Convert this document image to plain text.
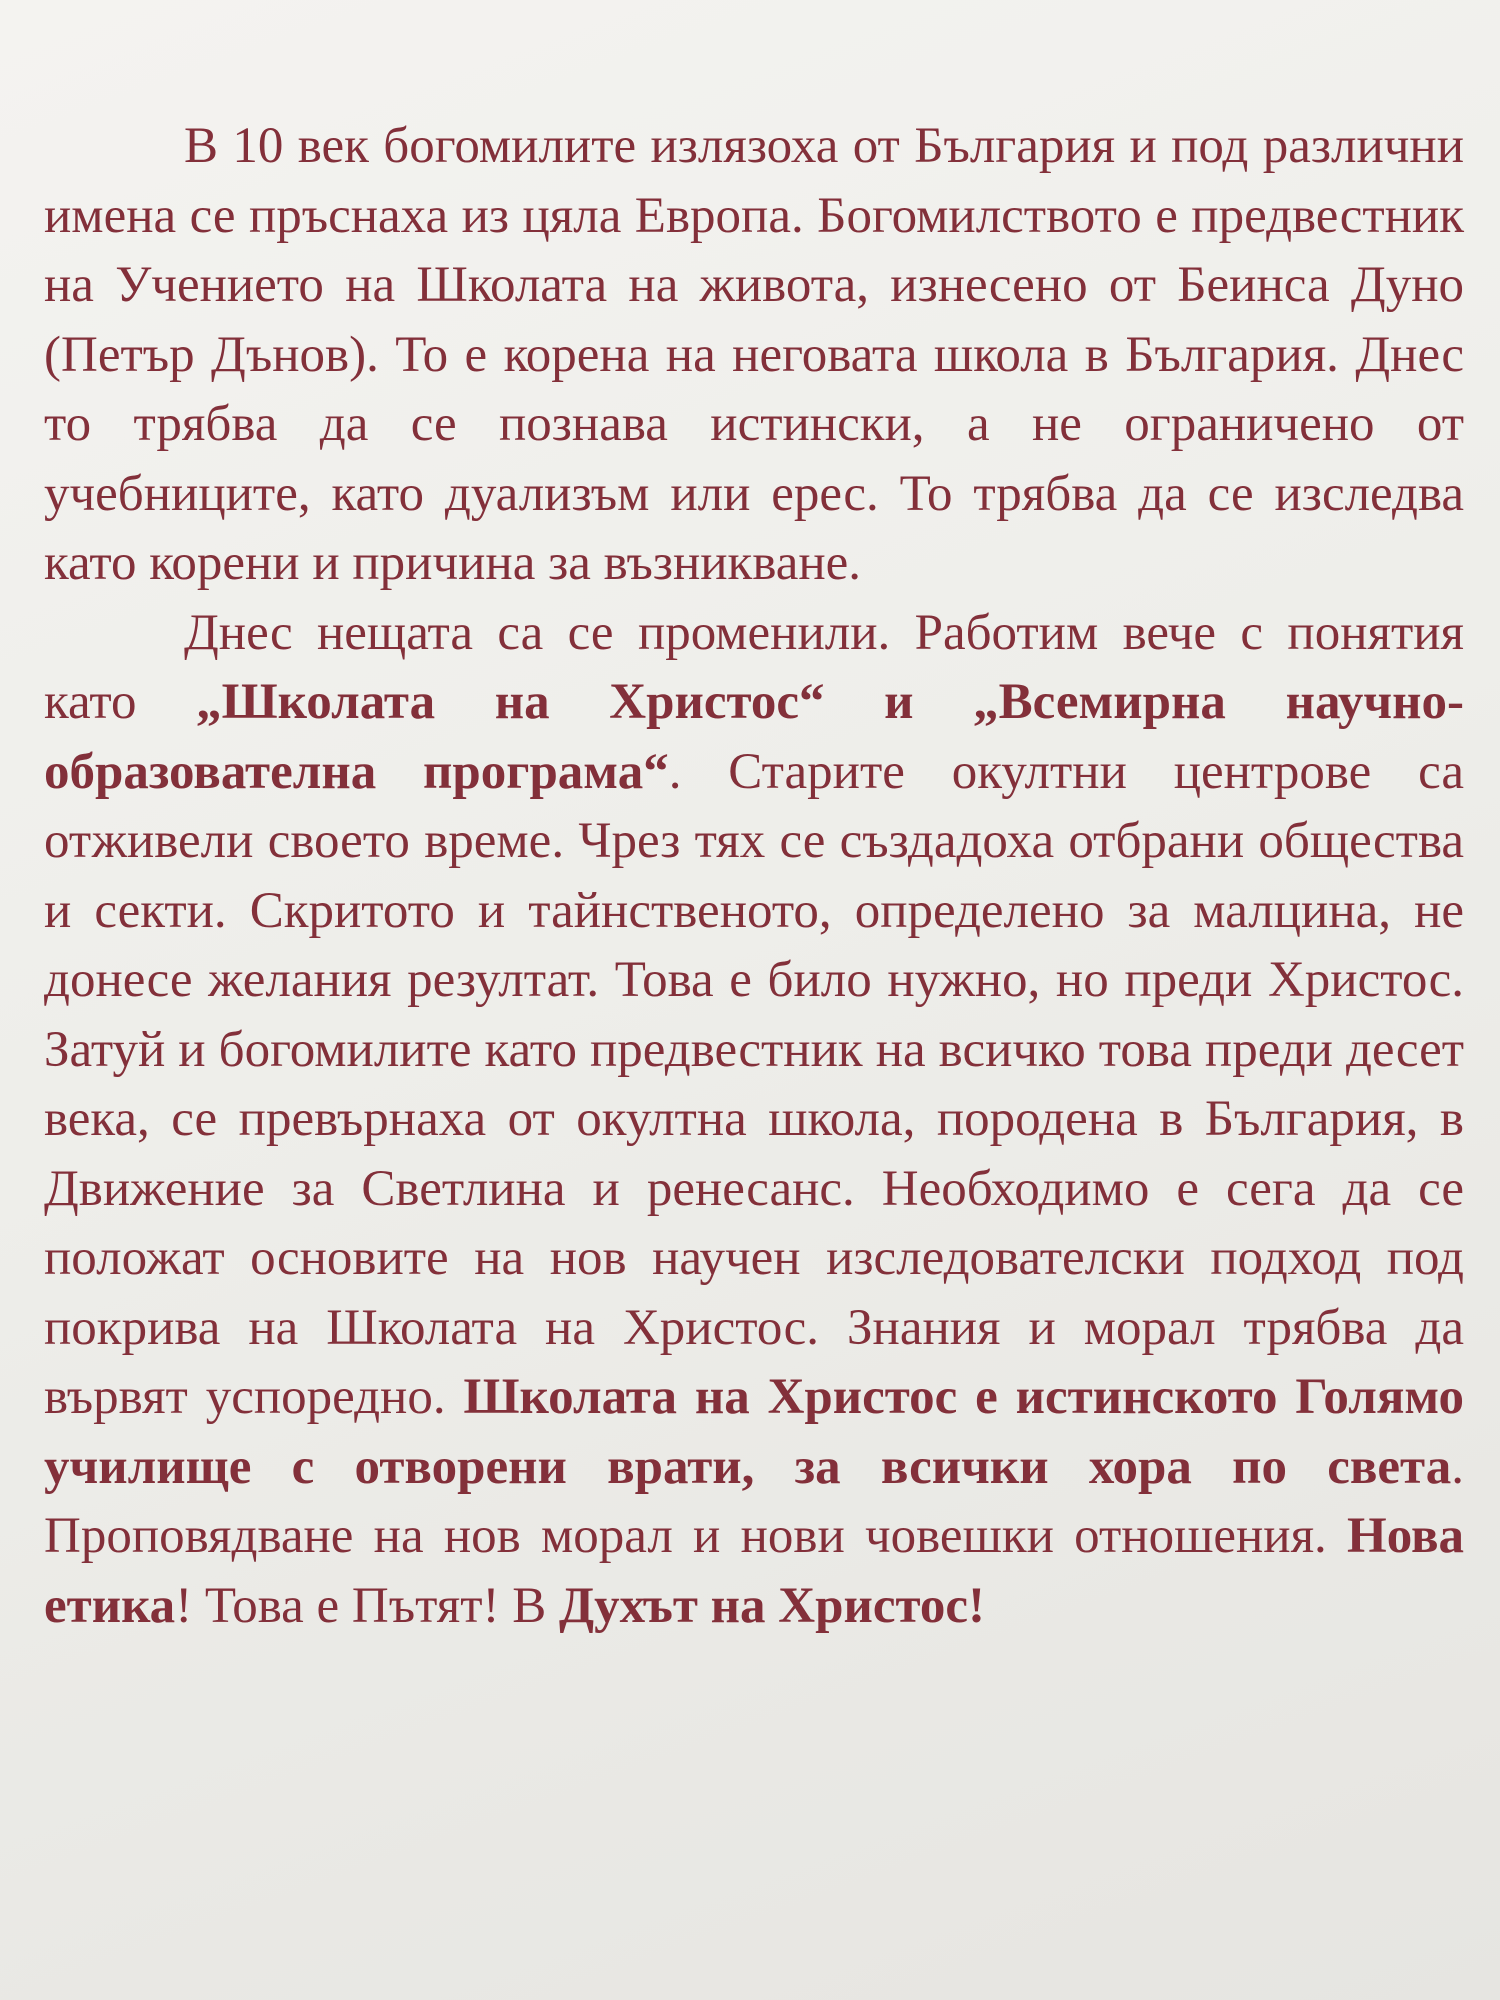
В 10 век богомилите излязоха от България и под различни имена се пръснаха из цяла Европа. Богомилството е предвестник на Учението на Школата на живота, изнесено от Беинса Дуно (Петър Дънов). То е корена на неговата школа в България. Днес то трябва да се познава истински, а не ограничено от учебниците, като дуализъм или ерес. То трябва да се изследва като корени и причина за възникване.

Днес нещата са се променили. Работим вече с понятия като „Школата на Христос“ и „Всемирна научно-образователна програма“. Старите окултни центрове са отживели своето време. Чрез тях се създадоха отбрани общества и секти. Скритото и тайнственото, определено за малцина, не донесе желания резултат. Това е било нужно, но преди Христос. Затуй и богомилите като предвестник на всичко това преди десет века, се превърнаха от окултна школа, породена в България, в Движение за Светлина и ренесанс. Необходимо е сега да се положат основите на нов научен изследователски подход под покрива на Школата на Христос. Знания и морал трябва да вървят успоредно. Школата на Христос е истинското Голямо училище с отворени врати, за всички хора по света. Проповядване на нов морал и нови човешки отношения. Нова етика! Това е Пътят! В Духът на Христос!
